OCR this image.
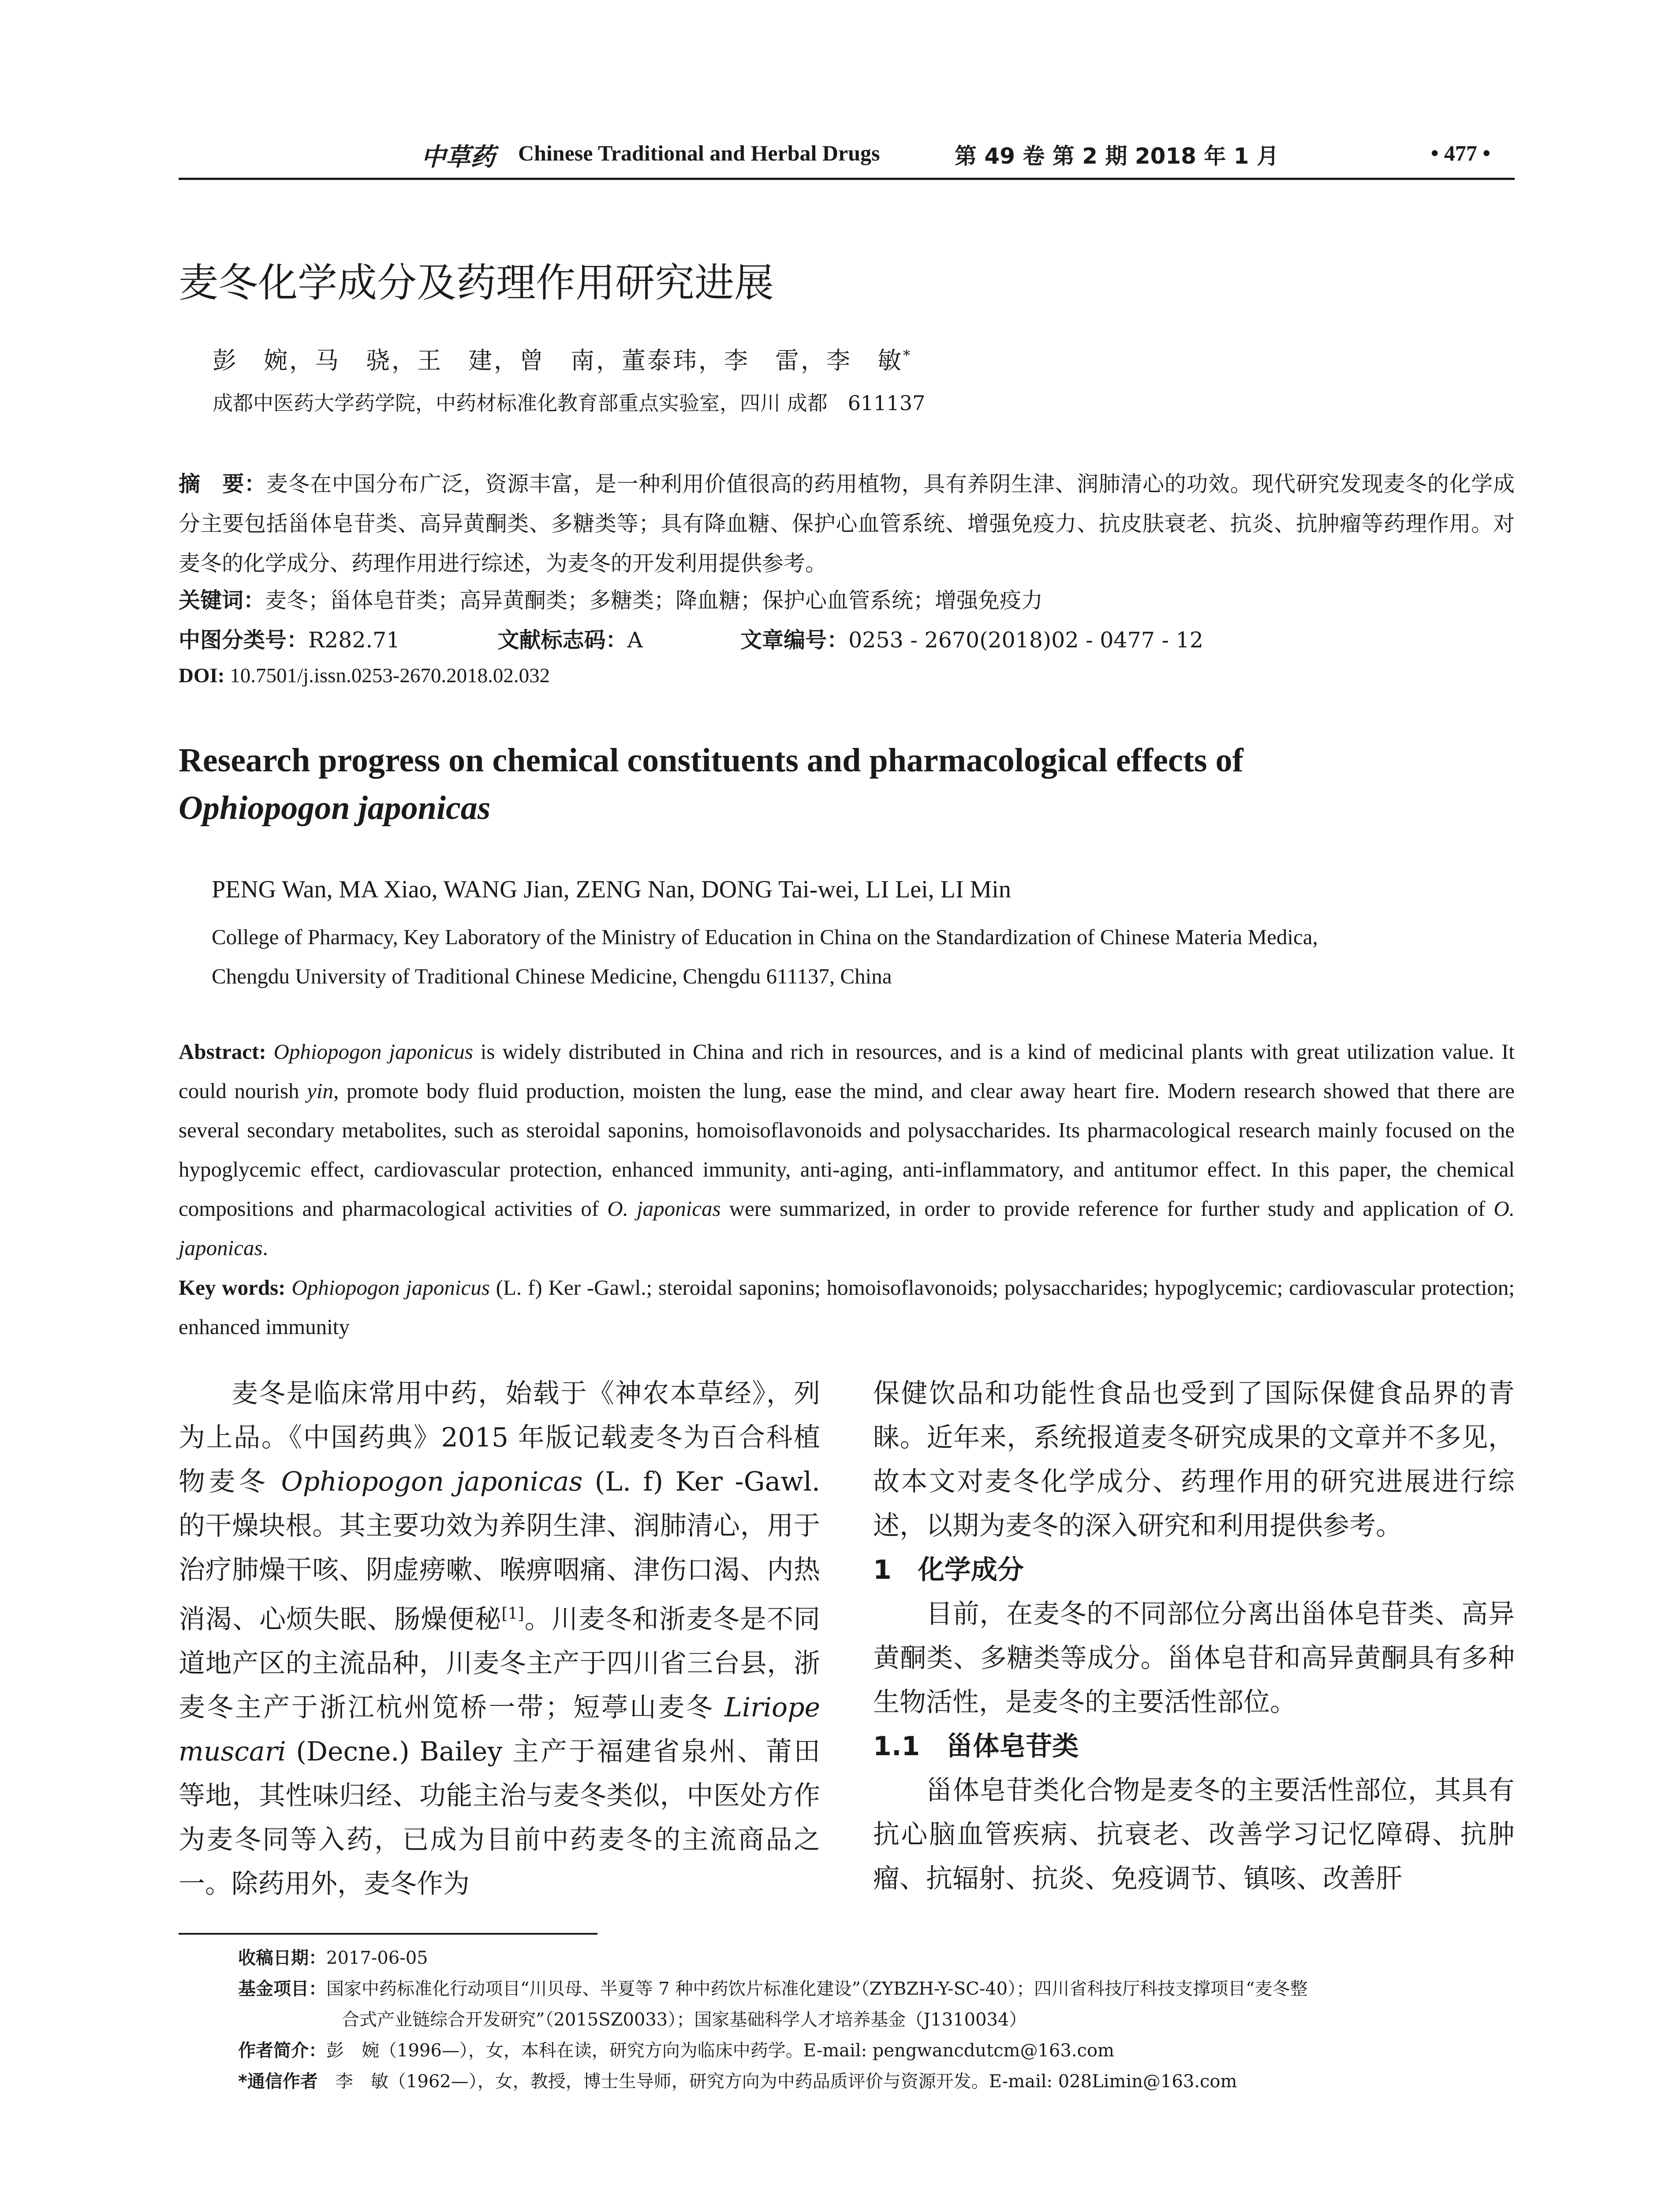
中草药 Chinese Traditional and Herbal Drugs	第 49 卷 第 2 期 2018 年 1 月	• 477 •
麦冬化学成分及药理作用研究进展
彭　婉，马　骁，王　建，曾　南，董泰玮，李　雷，李　敏*
成都中医药大学药学院，中药材标准化教育部重点实验室，四川 成都　611137
摘　要：麦冬在中国分布广泛，资源丰富，是一种利用价值很高的药用植物，具有养阴生津、润肺清心的功效。现代研究发现麦冬的化学成分主要包括甾体皂苷类、高异黄酮类、多糖类等；具有降血糖、保护心血管系统、增强免疫力、抗皮肤衰老、抗炎、抗肿瘤等药理作用。对麦冬的化学成分、药理作用进行综述，为麦冬的开发利用提供参考。
关键词：麦冬；甾体皂苷类；高异黄酮类；多糖类；降血糖；保护心血管系统；增强免疫力
中图分类号：R282.71	文献标志码：A	文章编号：0253 - 2670(2018)02 - 0477 - 12
DOI: 10.7501/j.issn.0253-2670.2018.02.032
Research progress on chemical constituents and pharmacological effects of
Ophiopogon japonicas
PENG Wan, MA Xiao, WANG Jian, ZENG Nan, DONG Tai-wei, LI Lei, LI Min
College of Pharmacy, Key Laboratory of the Ministry of Education in China on the Standardization of Chinese Materia Medica,
Chengdu University of Traditional Chinese Medicine, Chengdu 611137, China
Abstract: Ophiopogon japonicus is widely distributed in China and rich in resources, and is a kind of medicinal plants with great utilization value. It could nourish yin, promote body fluid production, moisten the lung, ease the mind, and clear away heart fire. Modern research showed that there are several secondary metabolites, such as steroidal saponins, homoisoflavonoids and polysaccharides. Its pharmacological research mainly focused on the hypoglycemic effect, cardiovascular protection, enhanced immunity, anti-aging, anti-inflammatory, and antitumor effect. In this paper, the chemical compositions and pharmacological activities of O. japonicas were summarized, in order to provide reference for further study and application of O. japonicas.
Key words: Ophiopogon japonicus (L. f) Ker -Gawl.; steroidal saponins; homoisoflavonoids; polysaccharides; hypoglycemic; cardiovascular protection; enhanced immunity

麦冬是临床常用中药，始载于《神农本草经》，列为上品。《中国药典》2015 年版记载麦冬为百合科植物麦冬 Ophiopogon japonicas (L. f) Ker -Gawl. 的干燥块根。其主要功效为养阴生津、润肺清心，用于治疗肺燥干咳、阴虚痨嗽、喉痹咽痛、津伤口渴、内热消渴、心烦失眠、肠燥便秘[1]。川麦冬和浙麦冬是不同道地产区的主流品种，川麦冬主产于四川省三台县，浙麦冬主产于浙江杭州笕桥一带；短葶山麦冬 Liriope muscari (Decne.) Bailey 主产于福建省泉州、莆田等地，其性味归经、功能主治与麦冬类似，中医处方作为麦冬同等入药，已成为目前中药麦冬的主流商品之一。除药用外，麦冬作为

保健饮品和功能性食品也受到了国际保健食品界的青睐。近年来，系统报道麦冬研究成果的文章并不多见，故本文对麦冬化学成分、药理作用的研究进展进行综述，以期为麦冬的深入研究和利用提供参考。

1　化学成分

目前，在麦冬的不同部位分离出甾体皂苷类、高异黄酮类、多糖类等成分。甾体皂苷和高异黄酮具有多种生物活性，是麦冬的主要活性部位。

1.1　甾体皂苷类

甾体皂苷类化合物是麦冬的主要活性部位，其具有抗心脑血管疾病、抗衰老、改善学习记忆障碍、抗肿瘤、抗辐射、抗炎、免疫调节、镇咳、改善肝

收稿日期：2017-06-05
基金项目：国家中药标准化行动项目“川贝母、半夏等 7 种中药饮片标准化建设”（ZYBZH-Y-SC-40）；四川省科技厅科技支撑项目“麦冬整
合式产业链综合开发研究”（2015SZ0033）；国家基础科学人才培养基金（J1310034）
作者简介：彭　婉（1996—），女，本科在读，研究方向为临床中药学。E-mail: pengwancdutcm@163.com
*通信作者　李　敏（1962—），女，教授，博士生导师，研究方向为中药品质评价与资源开发。E-mail: 028Limin@163.com
